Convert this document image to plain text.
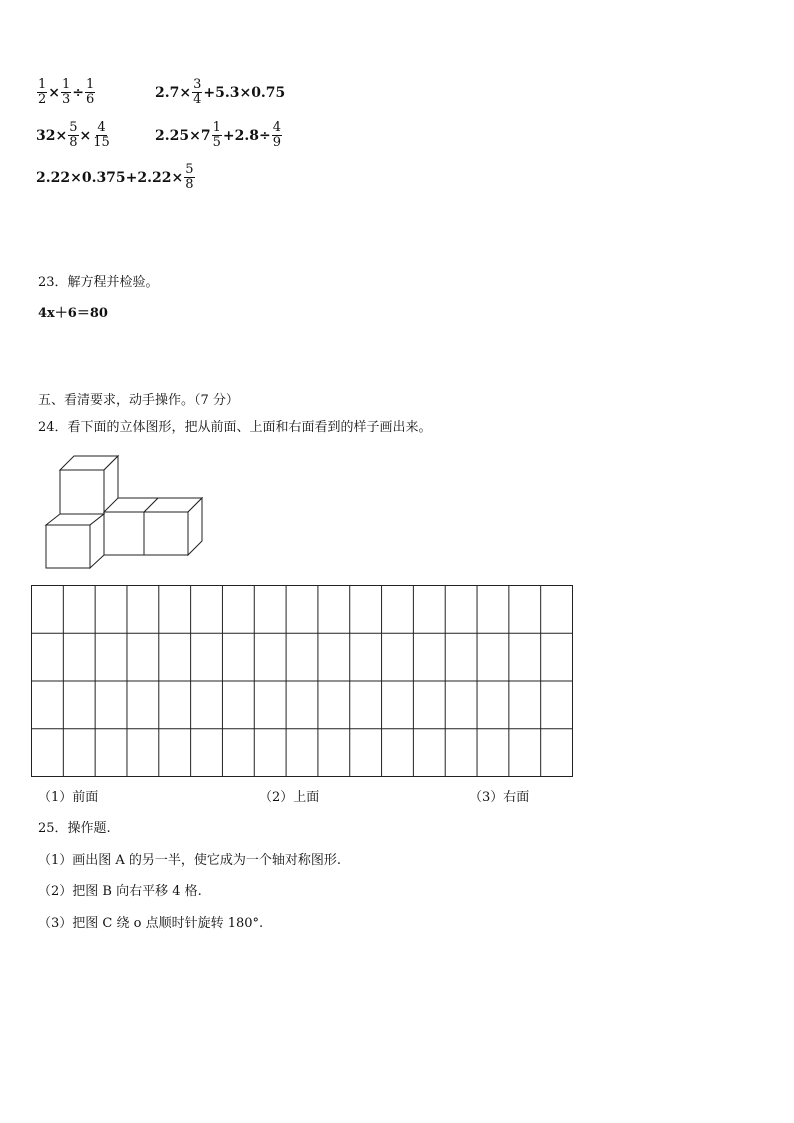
$\frac{1}{2} \times \frac{1}{3} \div \frac{1}{6}$	$2.7\times \frac{3}{4} +5.3\times 0.75$
$32\times \frac{5}{8} \times \frac{4}{15}$	$2.25\times 7 \frac{1}{5} +2.8\div \frac{4}{9}$
$2.22\times 0.375+2.22\times \frac{5}{8}$
23．解方程并检验。
4x＋6＝80
五、看清要求，动手操作。（7 分）
24．看下面的立体图形，把从前面、上面和右面看到的样子画出来。
（1）前面	（2）上面	（3）右面
25．操作题.
（1）画出图 A 的另一半，使它成为一个轴对称图形.
（2）把图 B 向右平移 4 格.
（3）把图 C 绕 o 点顺时针旋转 180°.
